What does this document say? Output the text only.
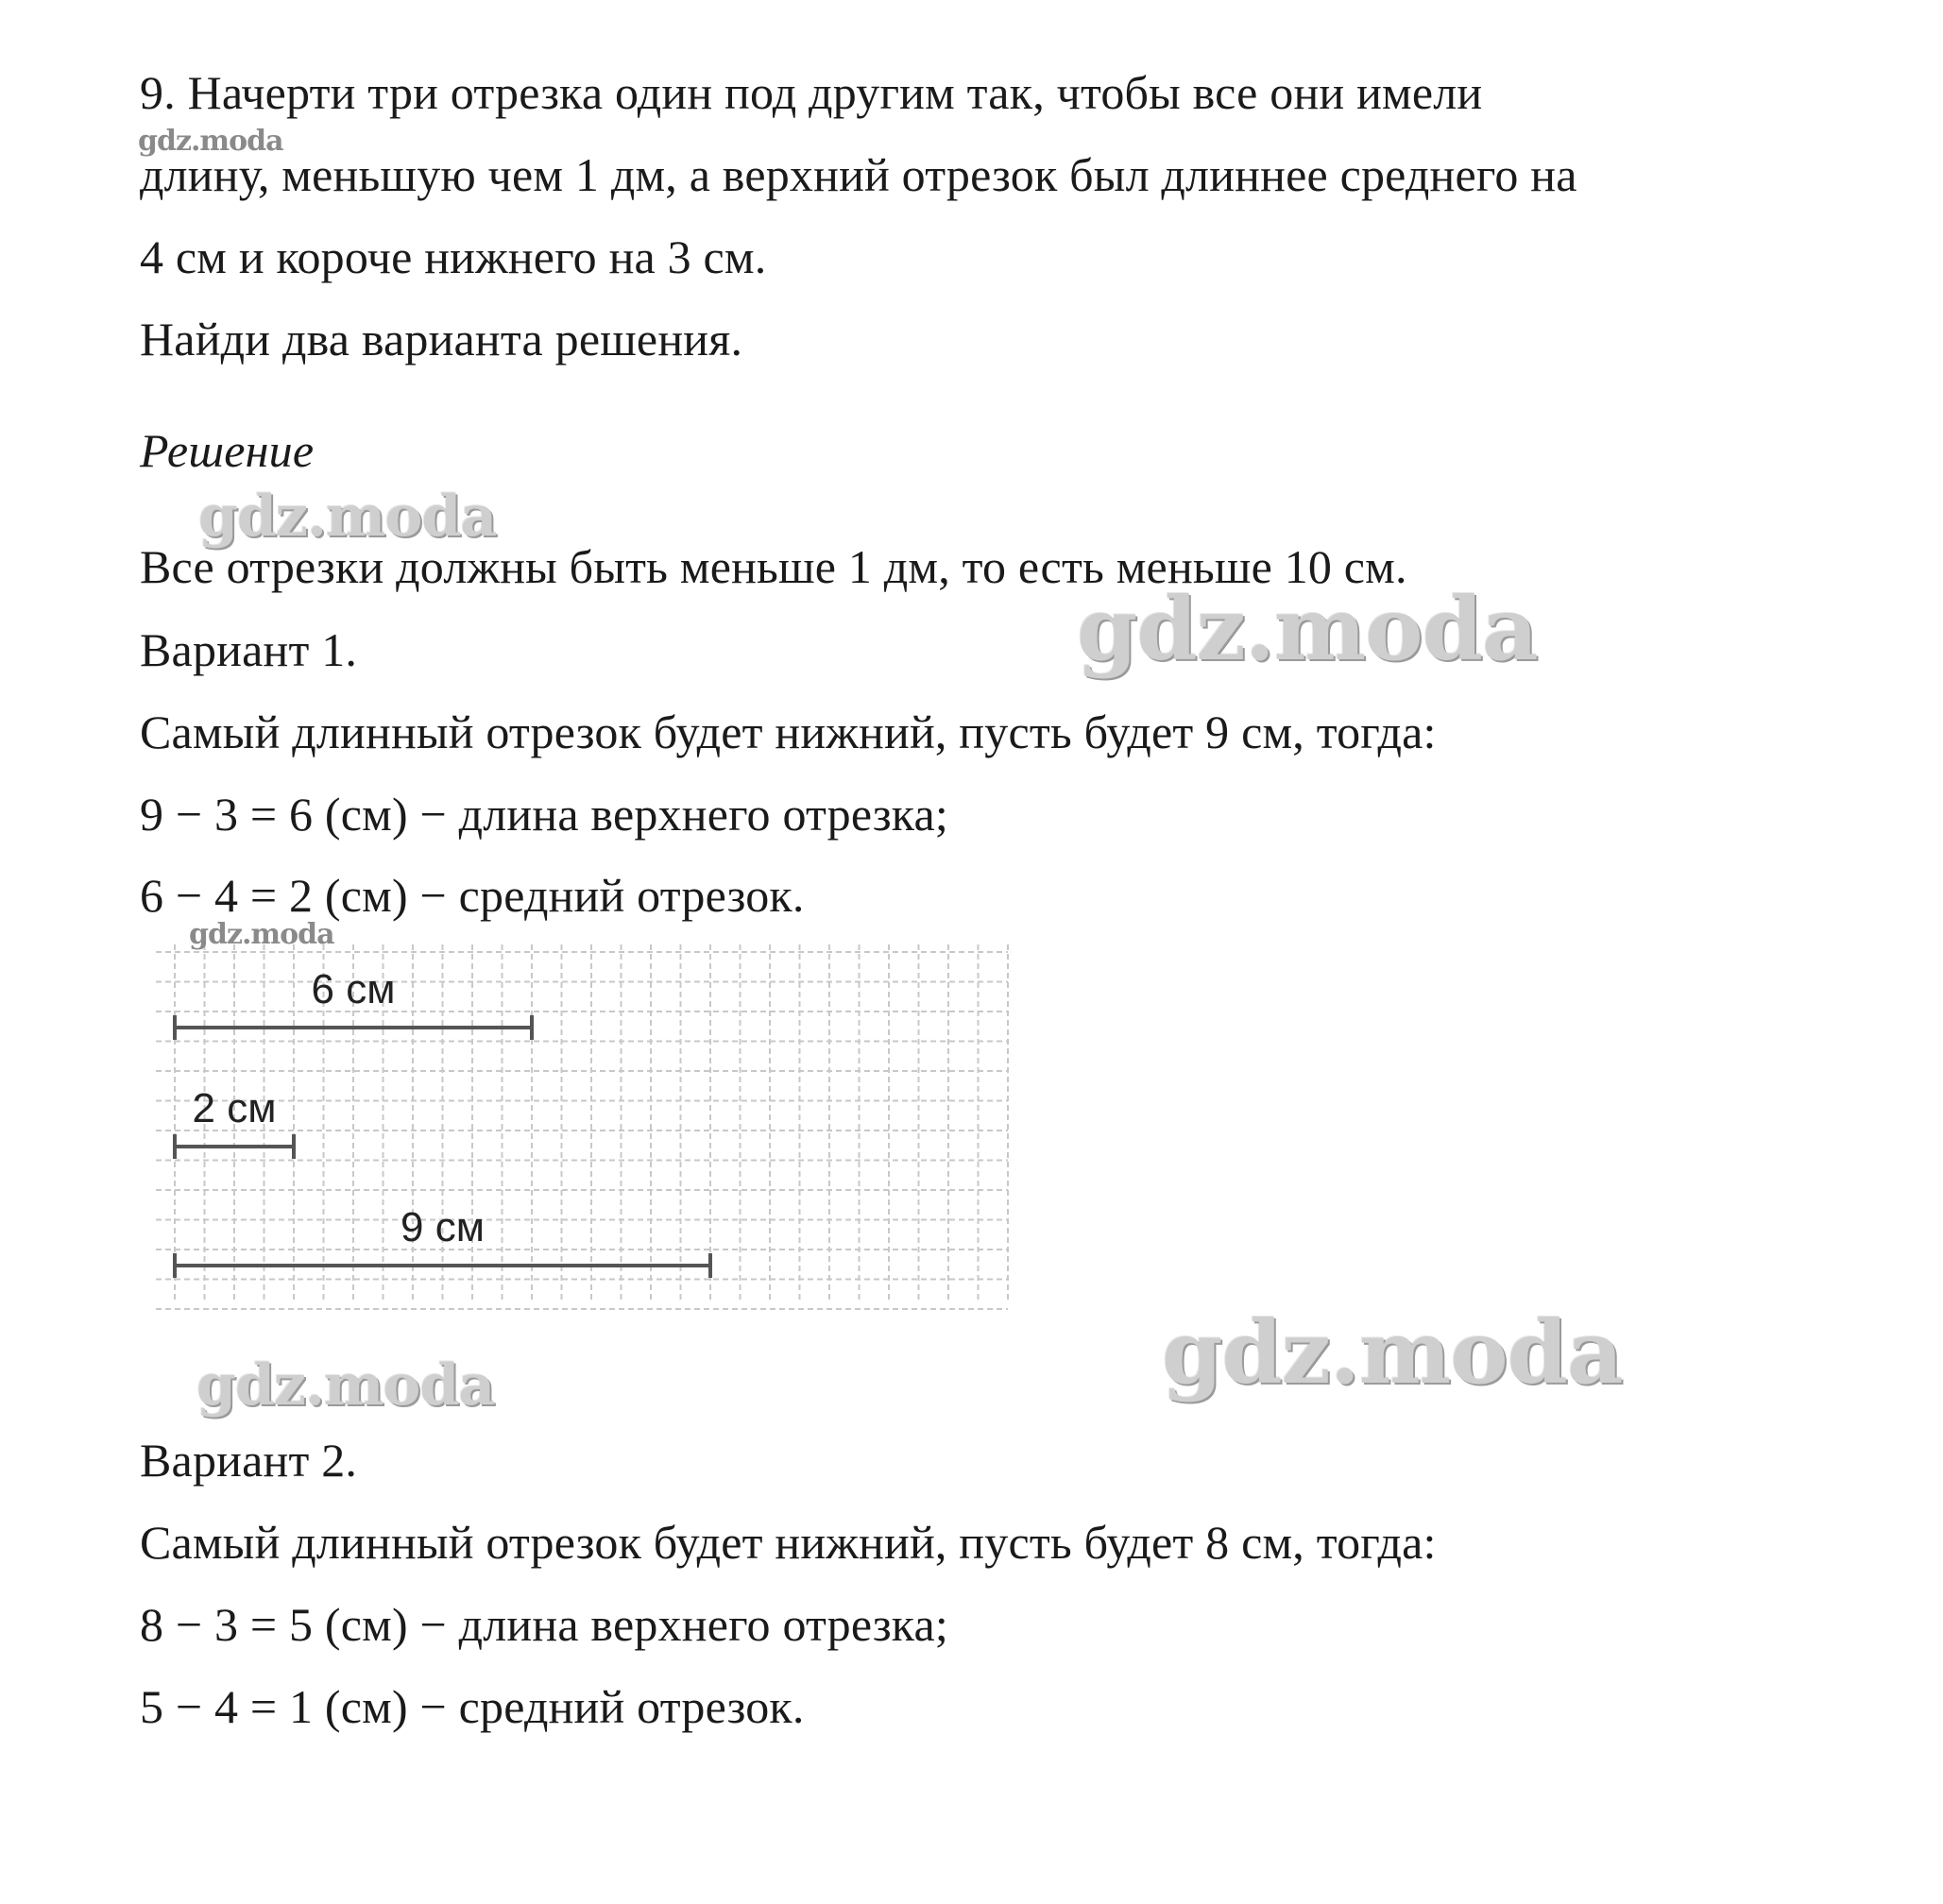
9. Начерти три отрезка один под другим так, чтобы все они имели
длину, меньшую чем 1 дм, а верхний отрезок был длиннее среднего на
4 см и короче нижнего на 3 см.
Найди два варианта решения.
Решение
Все отрезки должны быть меньше 1 дм, то есть меньше 10 см.
Вариант 1.
Самый длинный отрезок будет нижний, пусть будет 9 см, тогда:
9 − 3 = 6 (см) − длина верхнего отрезка;
6 − 4 = 2 (см) − средний отрезок.
6 см
2 см
9 см
Вариант 2.
Самый длинный отрезок будет нижний, пусть будет 8 см, тогда:
8 − 3 = 5 (см) − длина верхнего отрезка;
5 − 4 = 1 (см) − средний отрезок.
gdz.moda
gdz.moda
gdz.moda
gdz.moda
gdz.moda	gdz.moda
